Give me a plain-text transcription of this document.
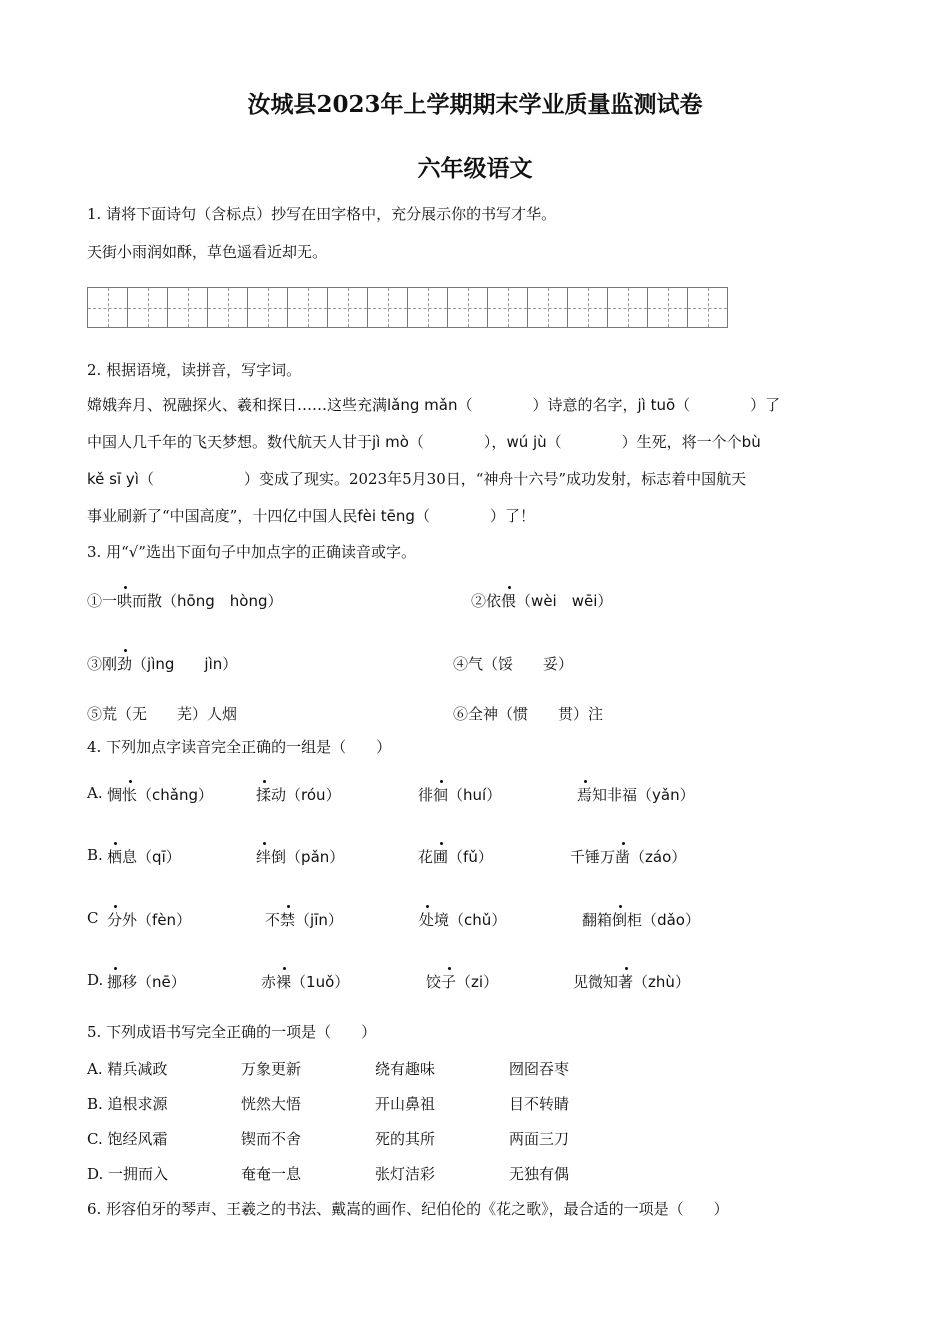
汝城县2023年上学期期末学业质量监测试卷
六年级语文

1. 请将下面诗句（含标点）抄写在田字格中，充分展示你的书写才华。

天街小雨润如酥，草色遥看近却无。

2. 根据语境，读拼音，写字词。

嫦娥奔月、祝融探火、羲和探日……这些充满lǎng mǎn（　　　　）诗意的名字，jì tuō（　　　　）了

中国人几千年的飞天梦想。数代航天人甘于jì mò（　　　　），wú jù（　　　　）生死，将一个个bù

kě sī yì（　　　　　　）变成了现实。2023年5月30日，“神舟十六号”成功发射，标志着中国航天

事业刷新了“中国高度”，十四亿中国人民fèi tēng（　　　　）了！

3. 用“√”选出下面句子中加点字的正确读音或字。

①一哄而散（hōng　hòng）	②依偎（wèi　wēi）
③刚劲（jìng　　jìn）	④气（馁　　妥）
⑤荒（无　　芜）人烟	⑥全神（惯　　贯）注

4. 下列加点字读音完全正确的一组是（　　）

A. 惆怅（chǎng）	揉动（róu）	徘徊（huí）	焉知非福（yǎn）
B. 栖息（qī）	绊倒（pǎn）	花圃（fǔ）	千锤万凿（záo）
C 分外（fèn）	不禁（jīn）	处境（chǔ）	翻箱倒柜（dǎo）
D. 挪移（nē）	赤裸（1uǒ）	饺子（zi）	见微知著（zhù）

5. 下列成语书写完全正确的一项是（　　）

A. 精兵减政	万象更新	绕有趣味	囫囵吞枣
B. 追根求源	恍然大悟	开山鼻祖	目不转睛
C. 饱经风霜	锲而不舍	死的其所	两面三刀
D. 一拥而入	奄奄一息	张灯洁彩	无独有偶

6. 形容伯牙的琴声、王羲之的书法、戴嵩的画作、纪伯伦的《花之歌》，最合适的一项是（　　）
